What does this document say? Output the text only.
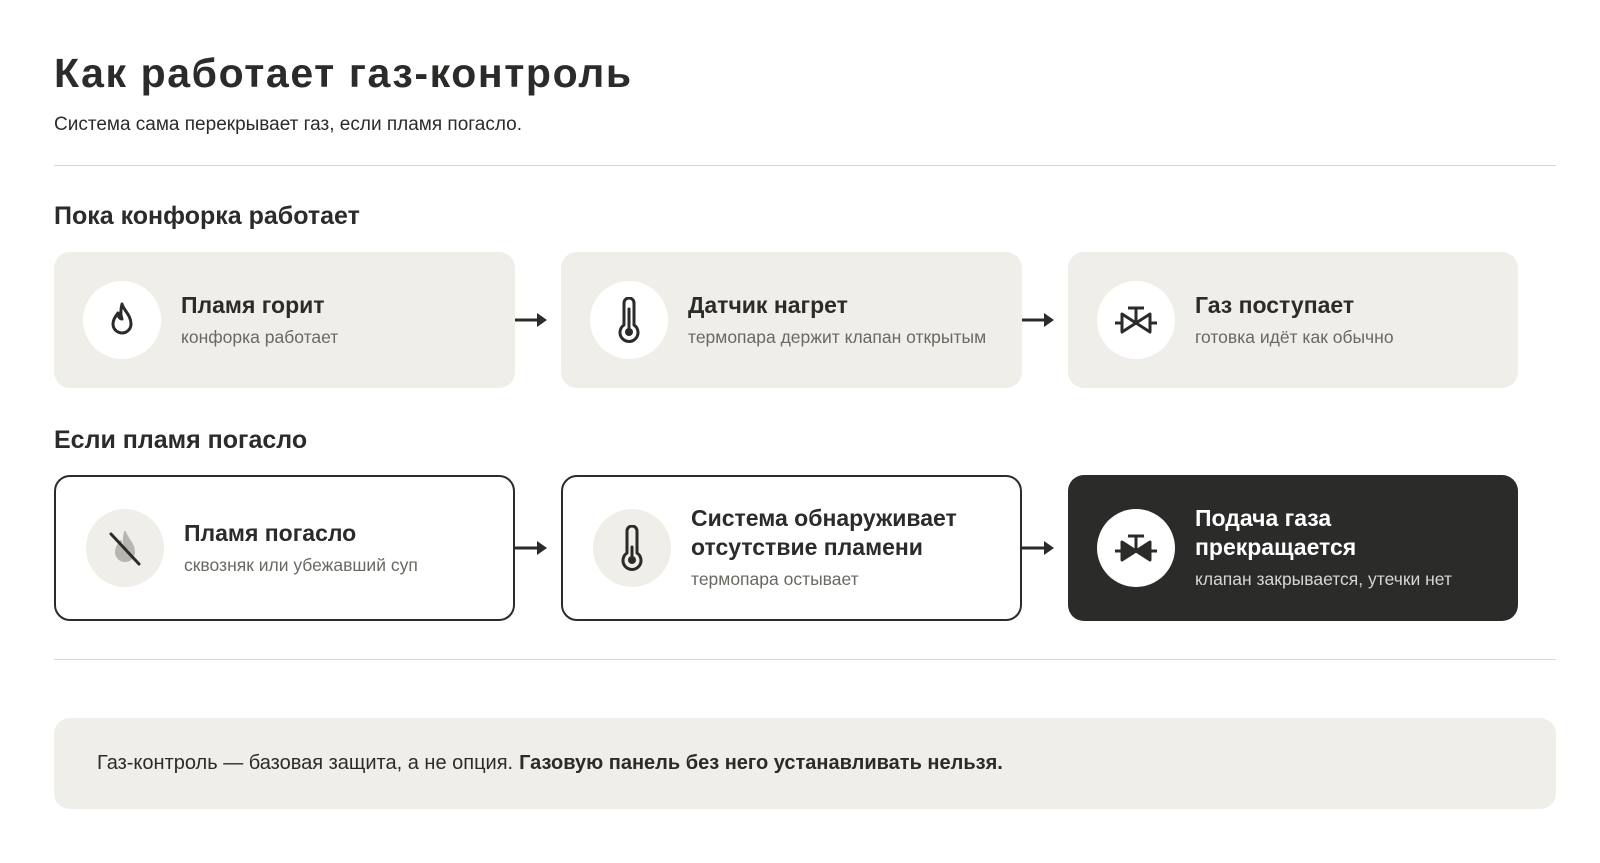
Как работает газ-контроль

Система сама перекрывает газ, если пламя погасло.

Пока конфорка работает
Пламя горит
конфорка работает
Датчик нагрет
термопара держит клапан открытым
Газ поступает
готовка идёт как обычно
Если пламя погасло
Пламя погасло
сквозняк или убежавший суп
Система обнаруживает отсутствие пламени
термопара остывает
Подача газа прекращается
клапан закрывается, утечки нет
Газ-контроль — базовая защита, а не опция. Газовую панель без него устанавливать нельзя.
